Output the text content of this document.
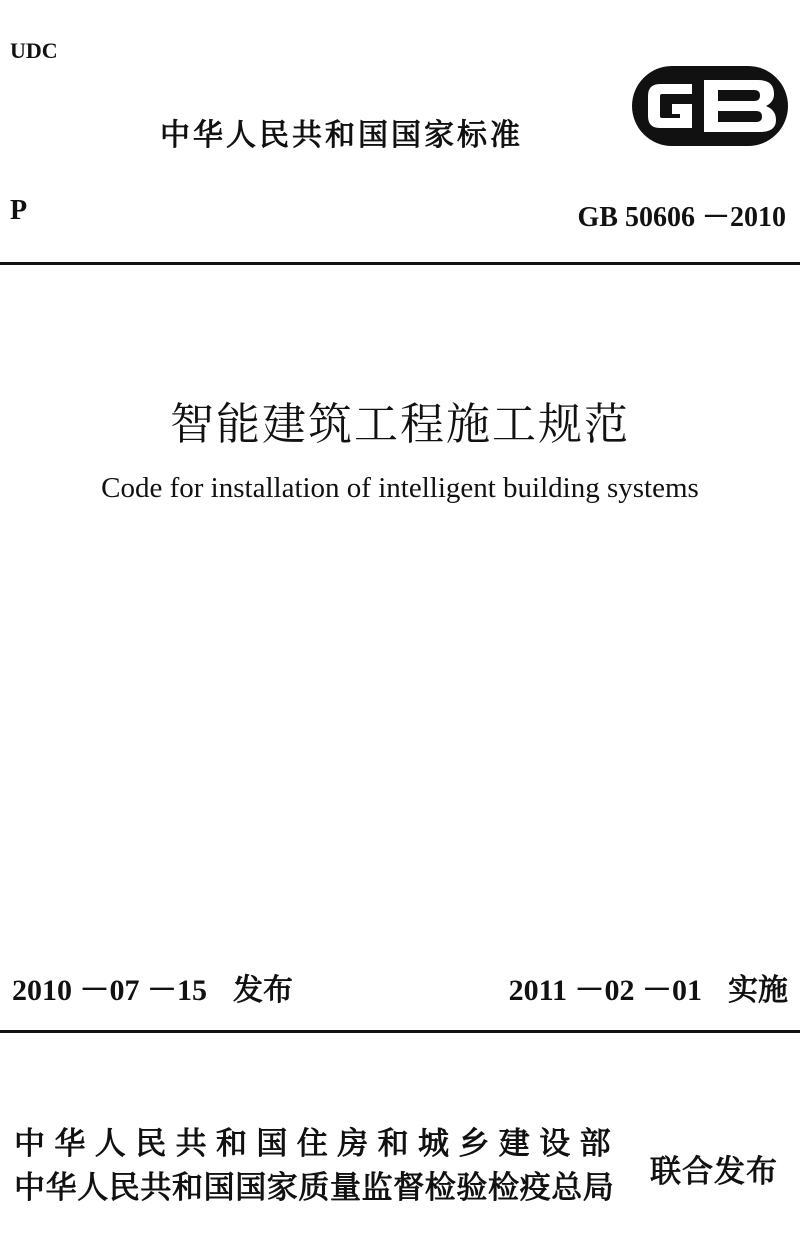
UDC
中华人民共和国国家标准
P	GB 50606 －2010
智能建筑工程施工规范
Code for installation of intelligent building systems
2010 －07 －15 发布	2011 －02 －01 实施
中华人民共和国住房和城乡建设部
中华人民共和国国家质量监督检验检疫总局 联合发布
